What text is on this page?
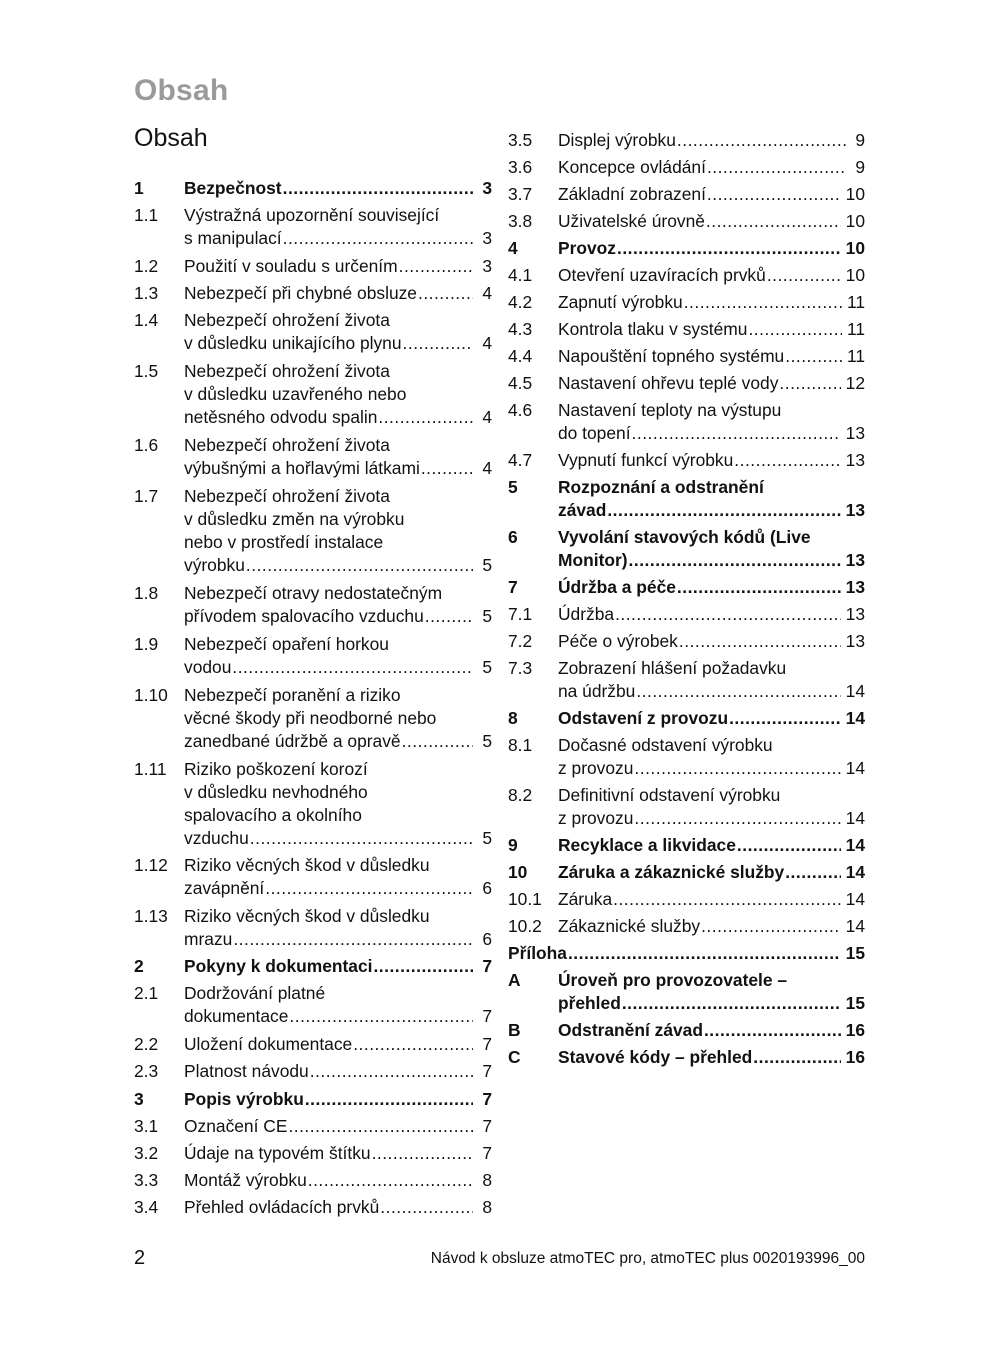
Obsah
Obsah
1	Bezpečnost .....	3
1.1	Výstražná upozornění související
s manipulací .....	3
1.2	Použití v souladu s určením .....	3
1.3	Nebezpečí při chybné obsluze .....	4
1.4	Nebezpečí ohrožení života
v důsledku unikajícího plynu .....	4
1.5	Nebezpečí ohrožení života
v důsledku uzavřeného nebo
netěsného odvodu spalin .....	4
1.6	Nebezpečí ohrožení života
výbušnými a hořlavými látkami .....	4
1.7	Nebezpečí ohrožení života
v důsledku změn na výrobku
nebo v prostředí instalace
výrobku .....	5
1.8	Nebezpečí otravy nedostatečným
přívodem spalovacího vzduchu .....	5
1.9	Nebezpečí opaření horkou
vodou .....	5
1.10 Nebezpečí poranění a riziko
věcné škody při neodborné nebo
zanedbané údržbě a opravě .....	5
1.11	Riziko poškození korozí
v důsledku nevhodného
spalovacího a okolního
vzduchu .....	5
1.12 Riziko věcných škod v důsledku
zavápnění .....	6
1.13 Riziko věcných škod v důsledku
mrazu .....	6
2	Pokyny k dokumentaci .....	7
2.1	Dodržování platné
dokumentace .....	7
2.2	Uložení dokumentace .....	7
2.3	Platnost návodu .....	7
3	Popis výrobku .....	7
3.1	Označení CE .....	7
3.2	Údaje na typovém štítku .....	7
3.3	Montáž výrobku .....	8
3.4	Přehled ovládacích prvků .....	8
3.5	Displej výrobku .....	9
3.6	Koncepce ovládání .....	9
3.7	Základní zobrazení .....	10
3.8	Uživatelské úrovně .....	10
4	Provoz .....	10
4.1	Otevření uzavíracích prvků .....	10
4.2	Zapnutí výrobku .....	11
4.3	Kontrola tlaku v systému .....	11
4.4	Napouštění topného systému .....	11
4.5	Nastavení ohřevu teplé vody .....	12
4.6	Nastavení teploty na výstupu
do topení .....	13
4.7	Vypnutí funkcí výrobku .....	13
5	Rozpoznání a odstranění
závad .....	13
6	Vyvolání stavových kódů (Live
Monitor) .....	13
7	Údržba a péče .....	13
7.1	Údržba .....	13
7.2	Péče o výrobek .....	13
7.3	Zobrazení hlášení požadavku
na údržbu .....	14
8	Odstavení z provozu .....	14
8.1	Dočasné odstavení výrobku
z provozu .....	14
8.2	Definitivní odstavení výrobku
z provozu .....	14
9	Recyklace a likvidace .....	14
10	Záruka a zákaznické služby .....	14
10.1 Záruka .....	14
10.2 Zákaznické služby .....	14
Příloha .....	15
A	Úroveň pro provozovatele –
přehled .....	15
B	Odstranění závad .....	16
C	Stavové kódy – přehled .....	16
2	Návod k obsluze atmoTEC pro, atmoTEC plus 0020193996_00
